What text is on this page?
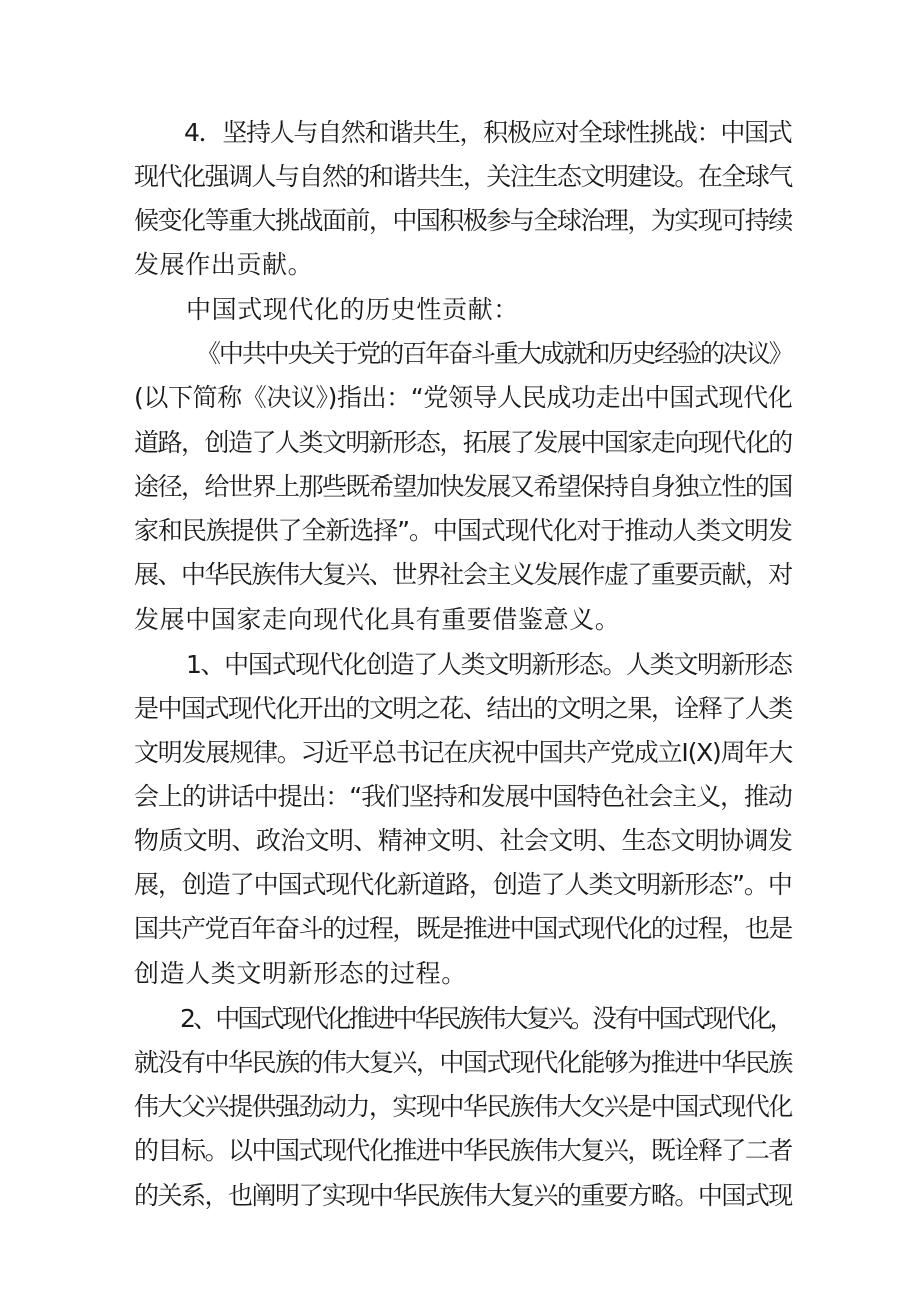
4．坚持人与自然和谐共生，积极应对全球性挑战：中国式
现代化强调人与自然的和谐共生，关注生态文明建设。在全球气
候变化等重大挑战面前，中国积极参与全球治理，为实现可持续
发展作出贡献。
中国式现代化的历史性贡献：
《中共中央关于党的百年奋斗重大成就和历史经验的决议》
(以下简称《决议》)指出：“党领导人民成功走出中国式现代化
道路，创造了人类文明新形态，拓展了发展中国家走向现代化的
途径，给世界上那些既希望加快发展又希望保持自身独立性的国
家和民族提供了全新选择”。中国式现代化对于推动人类文明发
展、中华民族伟大复兴、世界社会主义发展作虚了重要贡献，对
发展中国家走向现代化具有重要借鉴意义。
1、中国式现代化创造了人类文明新形态。人类文明新形态
是中国式现代化开出的文明之花、结出的文明之果，诠释了人类
文明发展规律。习近平总书记在庆祝中国共产党成立I(X)周年大
会上的讲话中提出：“我们坚持和发展中国特色社会主义，推动
物质文明、政治文明、精神文明、社会文明、生态文明协调发
展，创造了中国式现代化新道路，创造了人类文明新形态”。中
国共产党百年奋斗的过程，既是推进中国式现代化的过程，也是
创造人类文明新形态的过程。
2、中国式现代化推进中华民族伟大复兴。没有中国式现代化，
就没有中华民族的伟大复兴，中国式现代化能够为推进中华民族
伟大父兴提供强劲动力，实现中华民族伟大攵兴是中国式现代化
的目标。以中国式现代化推进中华民族伟大复兴，既诠释了二者
的关系，也阐明了实现中华民族伟大复兴的重要方略。中国式现
